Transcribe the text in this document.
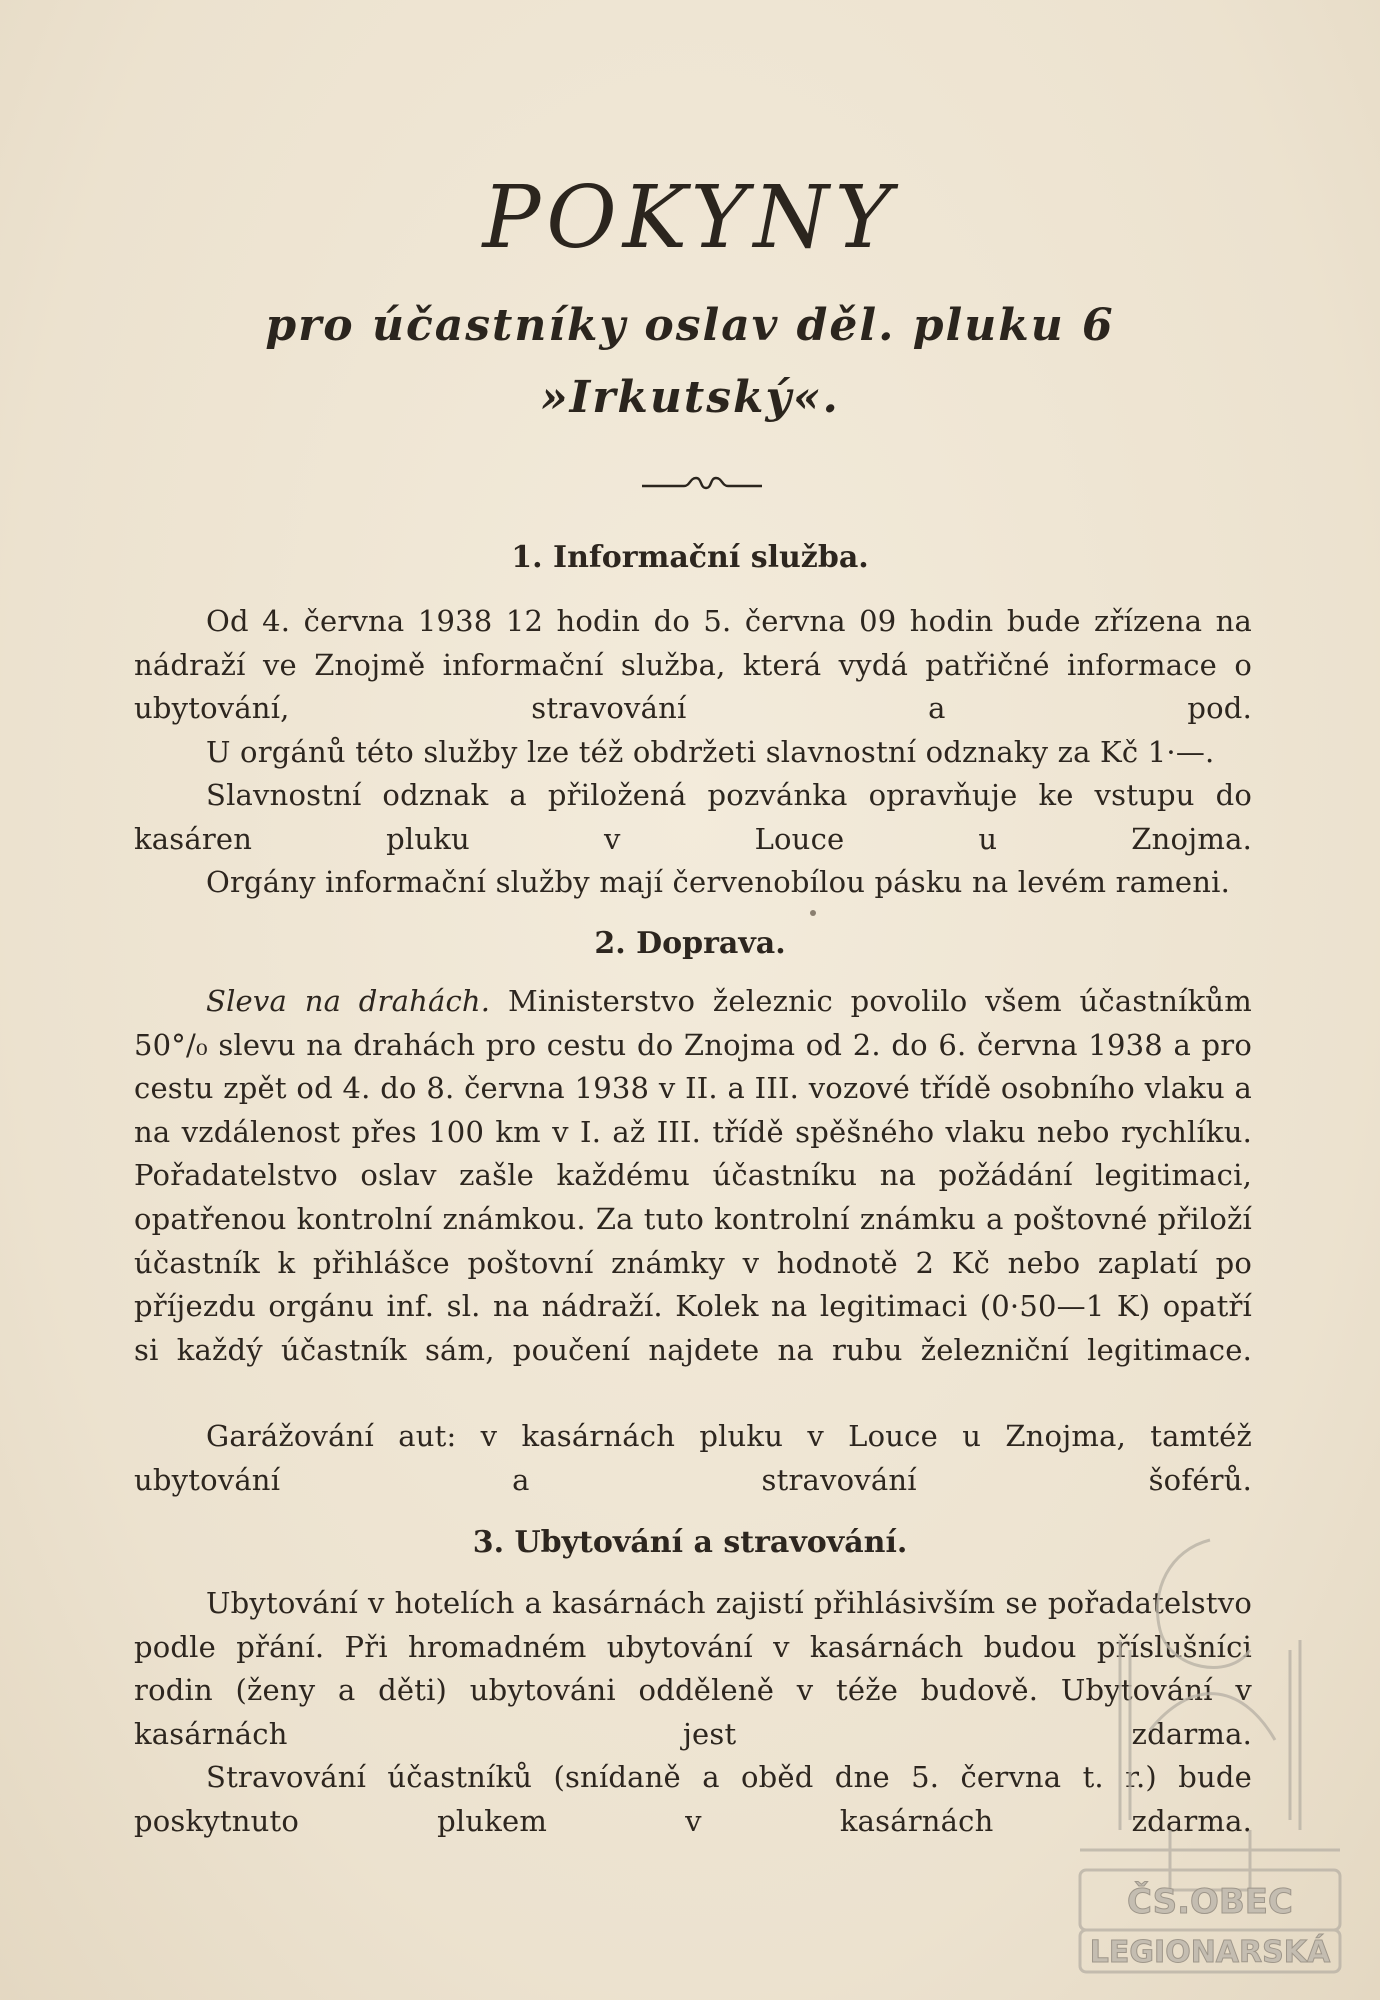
POKYNY
pro účastníky oslav děl. pluku 6
»Irkutský«.
1. Informační služba.
Od 4. června 1938 12 hodin do 5. června 09 hodin bude zřízena na nádraží ve Znojmě informační služba, která vydá patřičné informace o ubytování, stravování a pod.
U orgánů této služby lze též obdržeti slavnostní odznaky za Kč 1·—.
Slavnostní odznak a přiložená pozvánka opravňuje ke vstupu do kasáren pluku v Louce u Znojma.
Orgány informační služby mají červenobílou pásku na levém rameni.
2. Doprava.
Sleva na drahách. Ministerstvo železnic povolilo všem účastníkům 50°/₀ slevu na drahách pro cestu do Znojma od 2. do 6. června 1938 a pro cestu zpět od 4. do 8. června 1938 v II. a III. vozové třídě osobního vlaku a na vzdálenost přes 100 km v I. až III. třídě spěšného vlaku nebo rychlíku. Pořadatelstvo oslav zašle každému účastníku na požádání legitimaci, opatřenou kontrolní známkou. Za tuto kontrolní známku a poštovné přiloží účastník k přihlášce poštovní známky v hodnotě 2 Kč nebo zaplatí po příjezdu orgánu inf. sl. na nádraží. Kolek na legitimaci (0·50—1 K) opatří si každý účastník sám, poučení najdete na rubu železniční legitimace.
Garážování aut: v kasárnách pluku v Louce u Znojma, tamtéž ubytování a stravování šoférů.
3. Ubytování a stravování.
Ubytování v hotelích a kasárnách zajistí přihlásivším se pořadatelstvo podle přání. Při hromadném ubytování v kasárnách budou příslušníci rodin (ženy a děti) ubytováni odděleně v téže budově. Ubytování v kasárnách jest zdarma.
Stravování účastníků (snídaně a oběd dne 5. června t. r.) bude poskytnuto plukem v kasárnách zdarma.
ČS.OBEC
LEGIONARSKÁ
